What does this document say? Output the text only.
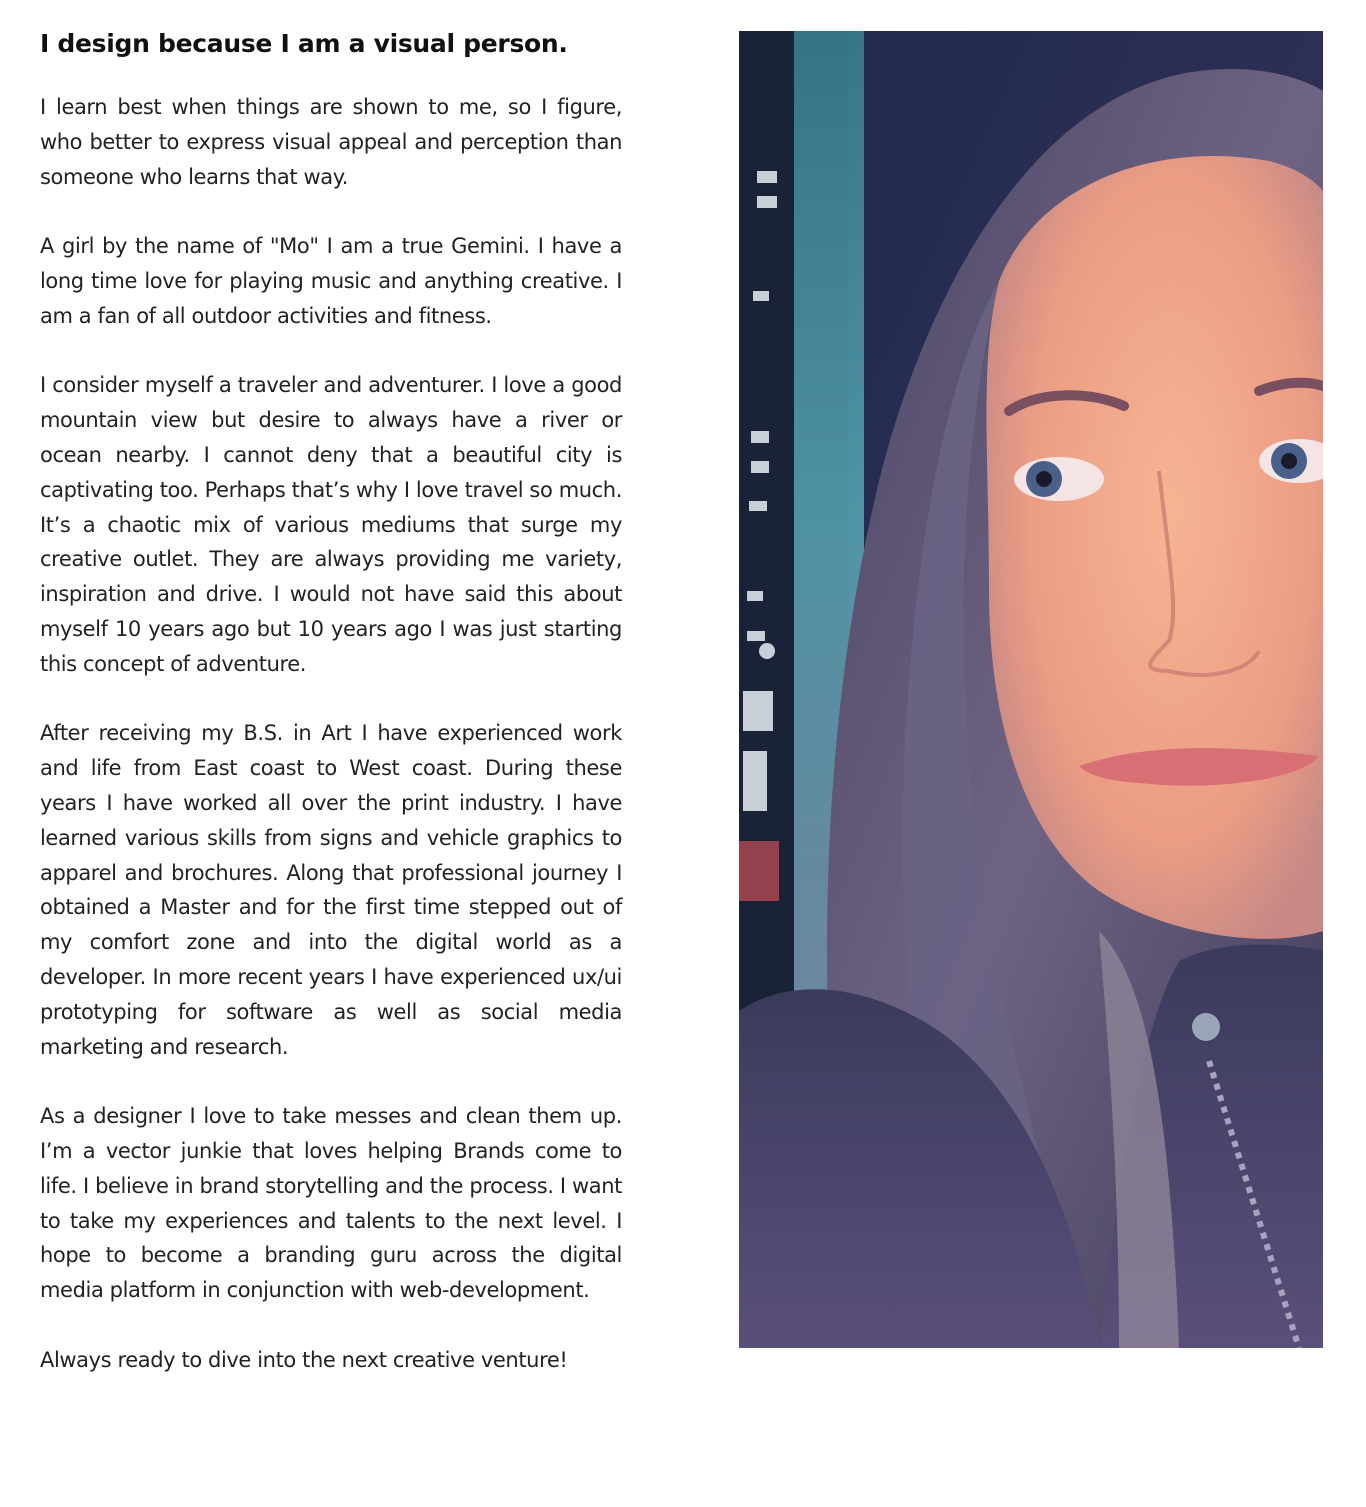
I design because I am a visual person.

I learn best when things are shown to me, so I figure, who better to express visual appeal and perception than someone who learns that way.

A girl by the name of "Mo" I am a true Gemini. I have a long time love for playing music and anything creative. I am a fan of all outdoor activities and fitness.

I consider myself a traveler and adventurer. I love a good mountain view but desire to always have a river or ocean nearby. I cannot deny that a beautiful city is captivating too. Perhaps that’s why I love travel so much. It’s a chaotic mix of various mediums that surge my creative outlet. They are always providing me variety, inspiration and drive. I would not have said this about myself 10 years ago but 10 years ago I was just starting this concept of adventure.

After receiving my B.S. in Art I have experienced work and life from East coast to West coast. During these years I have worked all over the print industry. I have learned various skills from signs and vehicle graphics to apparel and brochures. Along that professional journey I obtained a Master and for the first time stepped out of my comfort zone and into the digital world as a developer. In more recent years I have experienced ux/ui prototyping for software as well as social media marketing and research.

As a designer I love to take messes and clean them up. I’m a vector junkie that loves helping Brands come to life. I believe in brand storytelling and the process. I want to take my experiences and talents to the next level. I hope to become a branding guru across the digital media platform in conjunction with web-development.

Always ready to dive into the next creative venture!
